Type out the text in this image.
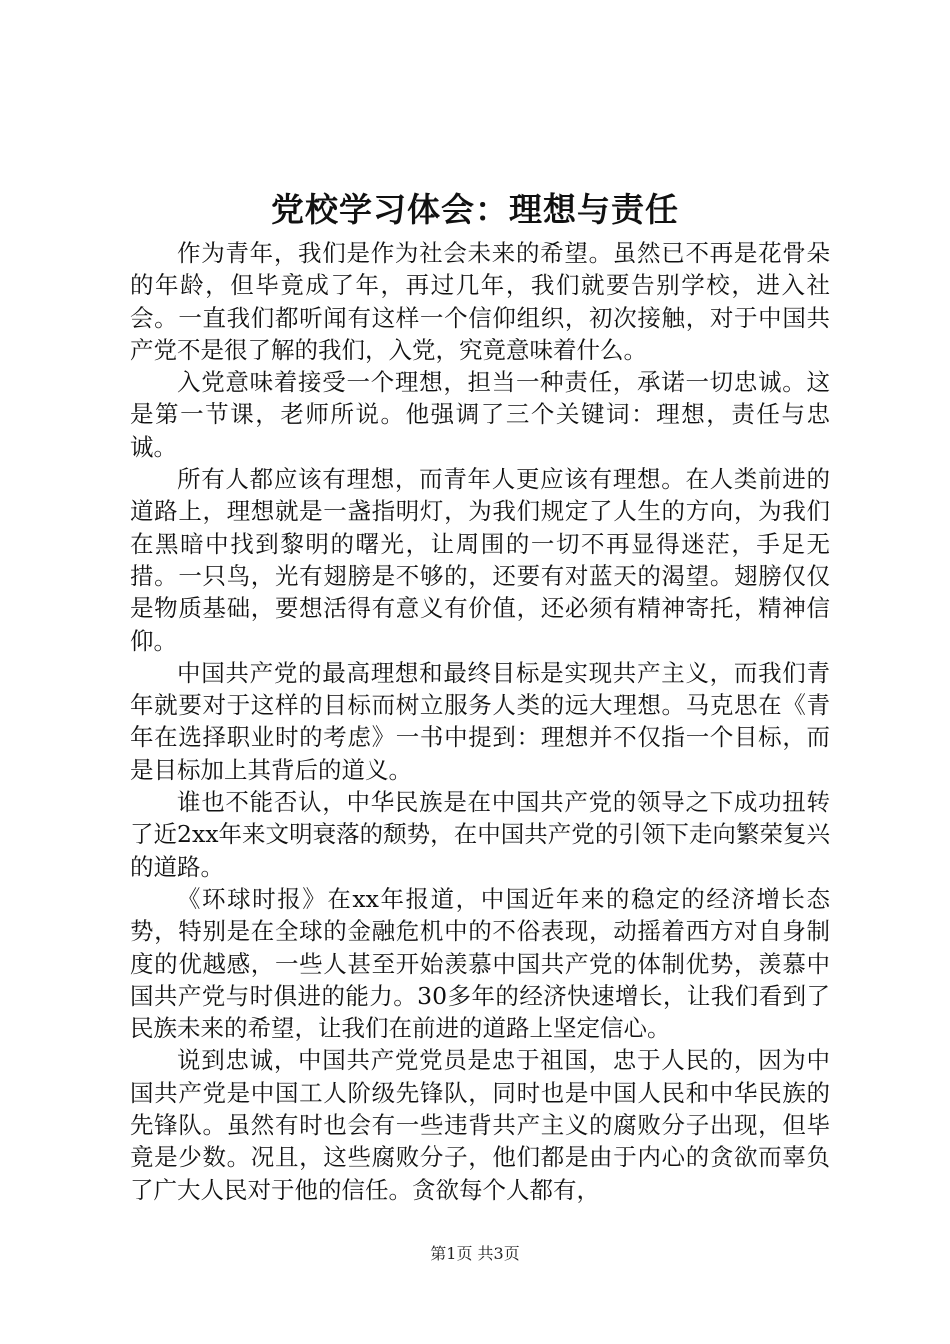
党校学习体会：理想与责任

作为青年，我们是作为社会未来的希望。虽然已不再是花骨朵的年龄，但毕竟成了年，再过几年，我们就要告别学校，进入社会。一直我们都听闻有这样一个信仰组织，初次接触，对于中国共产党不是很了解的我们，入党，究竟意味着什么。

入党意味着接受一个理想，担当一种责任，承诺一切忠诚。这是第一节课，老师所说。他强调了三个关键词：理想，责任与忠诚。

所有人都应该有理想，而青年人更应该有理想。在人类前进的道路上，理想就是一盏指明灯，为我们规定了人生的方向，为我们在黑暗中找到黎明的曙光，让周围的一切不再显得迷茫，手足无措。一只鸟，光有翅膀是不够的，还要有对蓝天的渴望。翅膀仅仅是物质基础，要想活得有意义有价值，还必须有精神寄托，精神信仰。

中国共产党的最高理想和最终目标是实现共产主义，而我们青年就要对于这样的目标而树立服务人类的远大理想。马克思在《青年在选择职业时的考虑》一书中提到：理想并不仅指一个目标，而是目标加上其背后的道义。

谁也不能否认，中华民族是在中国共产党的领导之下成功扭转了近2xx年来文明衰落的颓势，在中国共产党的引领下走向繁荣复兴的道路。

《环球时报》在xx年报道，中国近年来的稳定的经济增长态势，特别是在全球的金融危机中的不俗表现，动摇着西方对自身制度的优越感，一些人甚至开始羡慕中国共产党的体制优势，羡慕中国共产党与时俱进的能力。30多年的经济快速增长，让我们看到了民族未来的希望，让我们在前进的道路上坚定信心。

说到忠诚，中国共产党党员是忠于祖国，忠于人民的，因为中国共产党是中国工人阶级先锋队，同时也是中国人民和中华民族的先锋队。虽然有时也会有一些违背共产主义的腐败分子出现，但毕竟是少数。况且，这些腐败分子，他们都是由于内心的贪欲而辜负了广大人民对于他的信任。贪欲每个人都有，

第1页 共3页
